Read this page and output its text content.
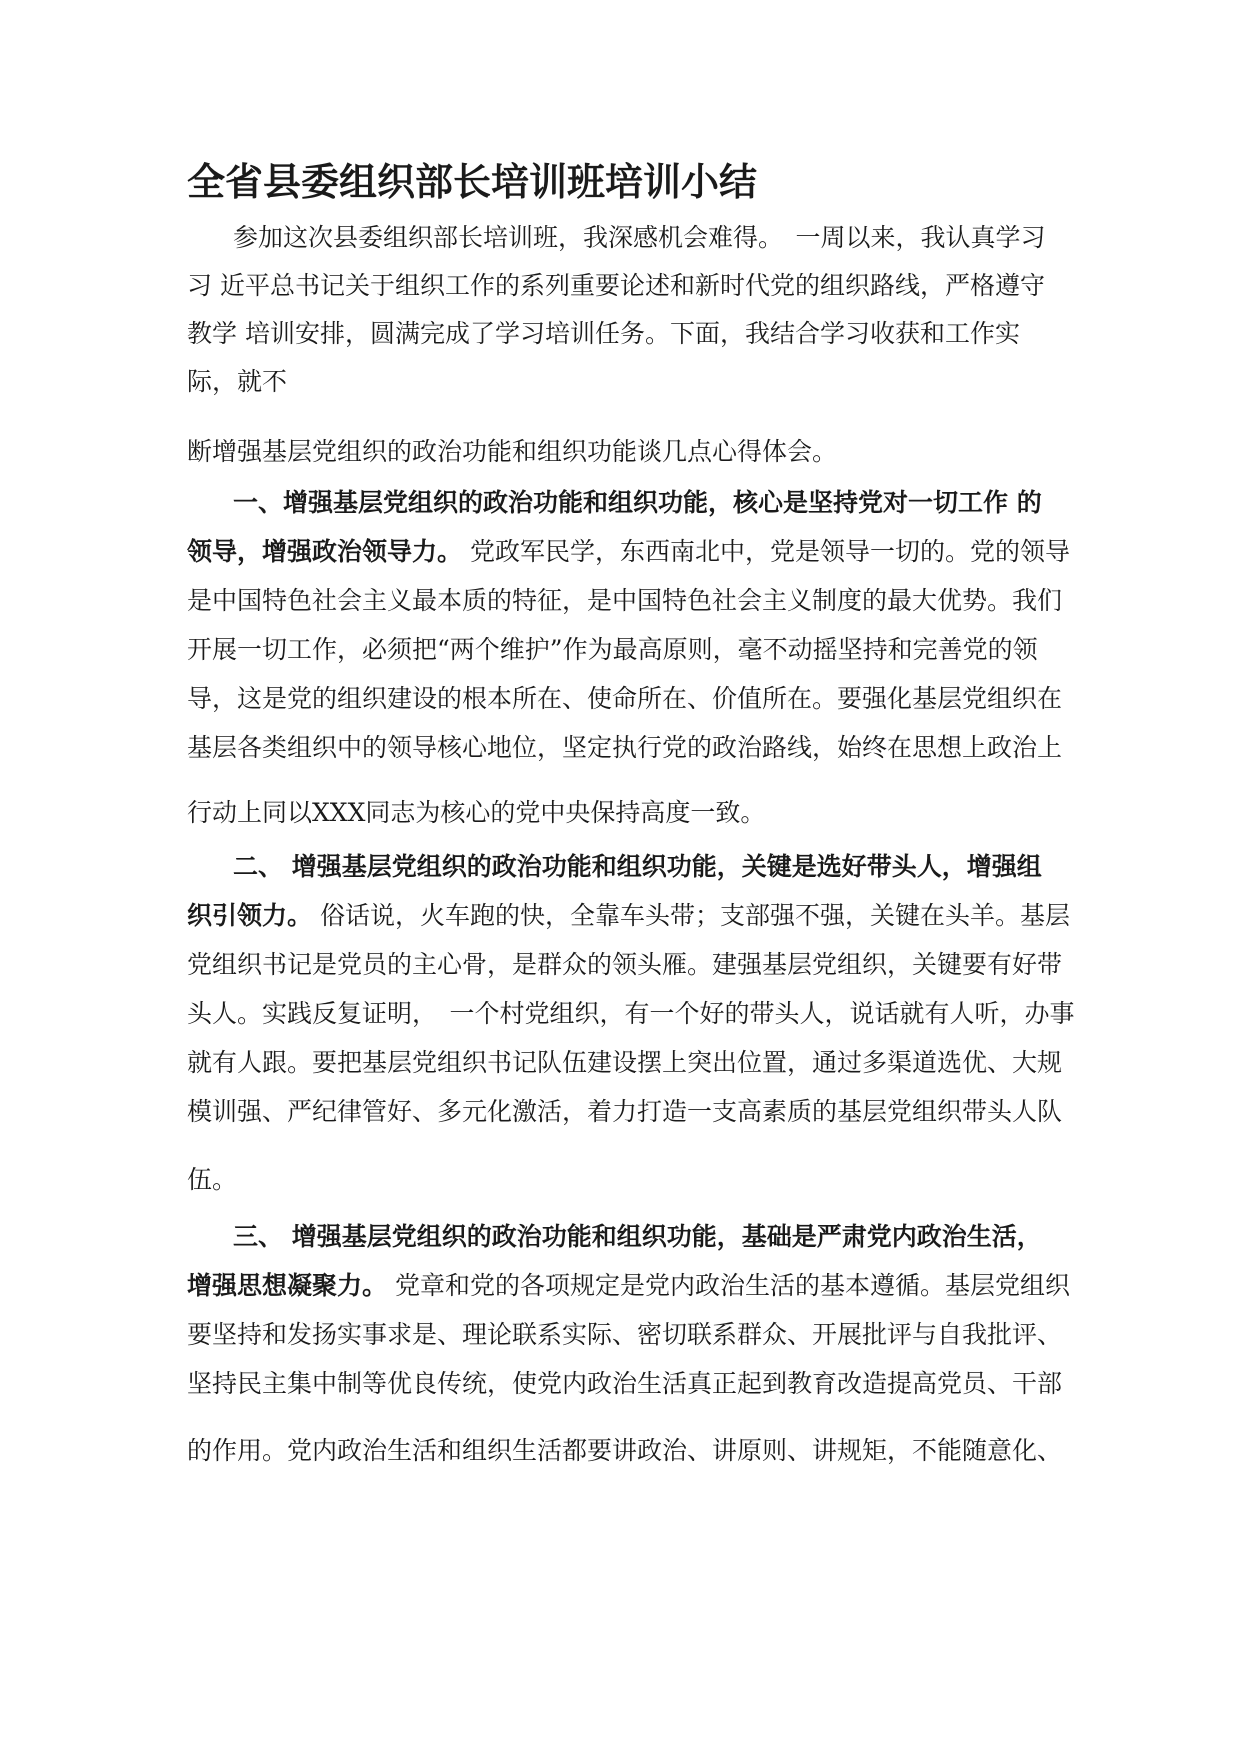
全省县委组织部长培训班培训小结
参加这次县委组织部长培训班，我深感机会难得。　一周以来，我认真学习
习 近平总书记关于组织工作的系列重要论述和新时代党的组织路线，严格遵守
教学 培训安排，圆满完成了学习培训任务。下面，我结合学习收获和工作实
际，就不
断增强基层党组织的政治功能和组织功能谈几点心得体会。
一、增强基层党组织的政治功能和组织功能，核心是坚持党对一切工作 的
领导，增强政治领导力。 党政军民学，东西南北中，党是领导一切的。党的领导
是中国特色社会主义最本质的特征，是中国特色社会主义制度的最大优势。我们
开展一切工作，必须把“两个维护”作为最高原则，毫不动摇坚持和完善党的领
导，这是党的组织建设的根本所在、使命所在、价值所在。要强化基层党组织在
基层各类组织中的领导核心地位，坚定执行党的政治路线，始终在思想上政治上
行动上同以XXX同志为核心的党中央保持高度一致。
二、 增强基层党组织的政治功能和组织功能，关键是选好带头人，增强组
织引领力。 俗话说，火车跑的快，全靠车头带；支部强不强，关键在头羊。基层
党组织书记是党员的主心骨，是群众的领头雁。建强基层党组织，关键要有好带
头人。实践反复证明，　一个村党组织，有一个好的带头人，说话就有人听，办事
就有人跟。要把基层党组织书记队伍建设摆上突出位置，通过多渠道选优、大规
模训强、严纪律管好、多元化激活，着力打造一支高素质的基层党组织带头人队
伍。
三、 增强基层党组织的政治功能和组织功能，基础是严肃党内政治生活，
增强思想凝聚力。 党章和党的各项规定是党内政治生活的基本遵循。基层党组织
要坚持和发扬实事求是、理论联系实际、密切联系群众、开展批评与自我批评、
坚持民主集中制等优良传统，使党内政治生活真正起到教育改造提高党员、干部
的作用。党内政治生活和组织生活都要讲政治、讲原则、讲规矩，不能随意化、
